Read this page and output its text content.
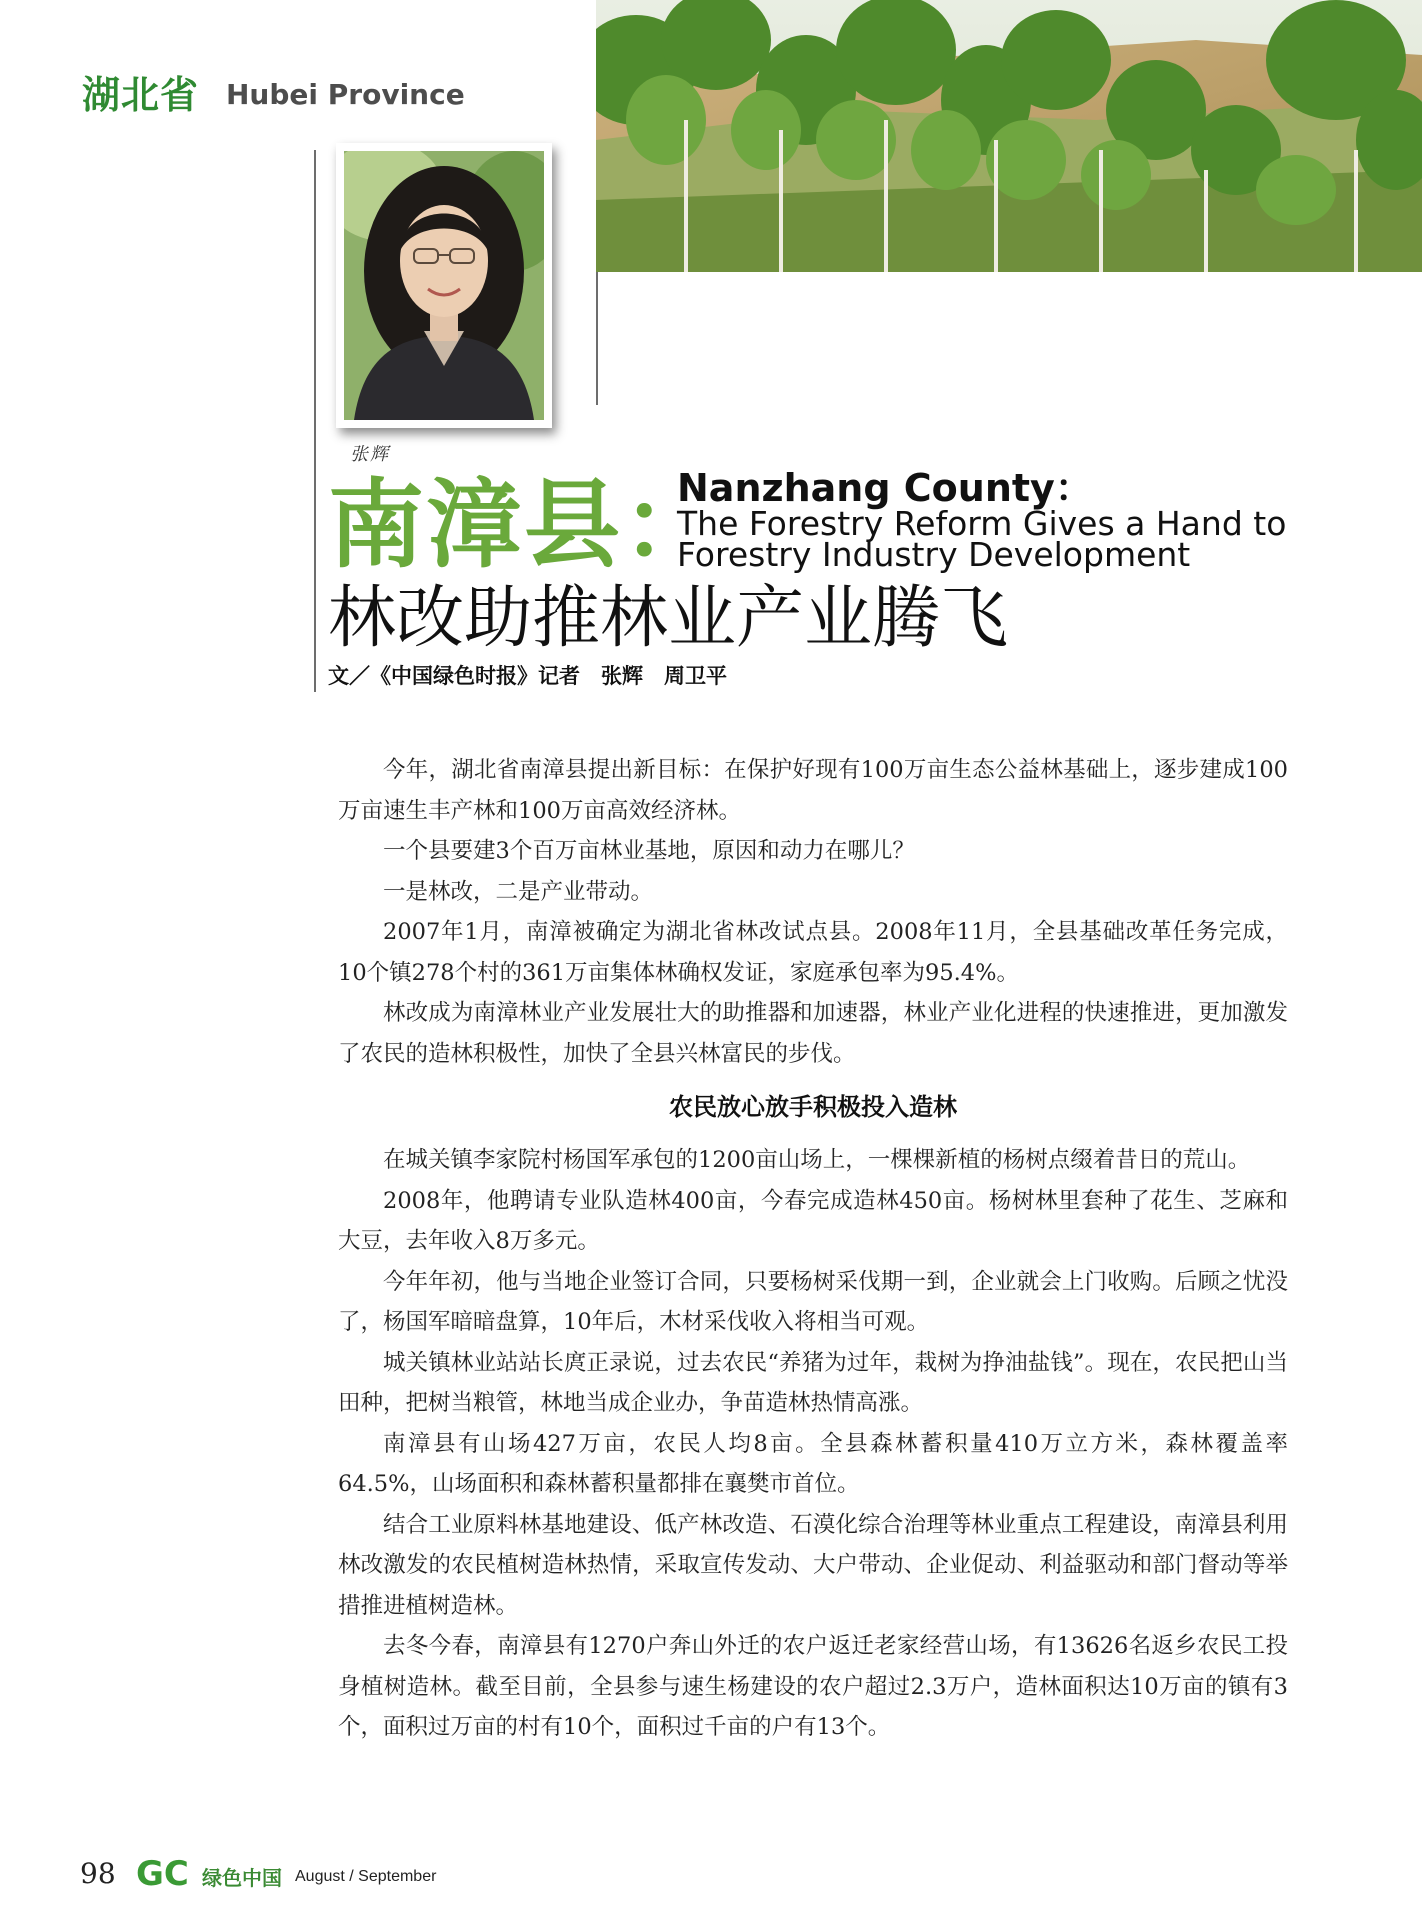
湖北省 Hubei Province
张辉
南漳县：
Nanzhang County：
The Forestry Reform Gives a Hand to
Forestry Industry Development
林改助推林业产业腾飞
文／《中国绿色时报》记者　张辉　周卫平

今年，湖北省南漳县提出新目标：在保护好现有100万亩生态公益林基础上，逐步建成100万亩速生丰产林和100万亩高效经济林。

一个县要建3个百万亩林业基地，原因和动力在哪儿？

一是林改，二是产业带动。

2007年1月，南漳被确定为湖北省林改试点县。2008年11月，全县基础改革任务完成，10个镇278个村的361万亩集体林确权发证，家庭承包率为95.4%。

林改成为南漳林业产业发展壮大的助推器和加速器，林业产业化进程的快速推进，更加激发了农民的造林积极性，加快了全县兴林富民的步伐。

农民放心放手积极投入造林

在城关镇李家院村杨国军承包的1200亩山场上，一棵棵新植的杨树点缀着昔日的荒山。

2008年，他聘请专业队造林400亩，今春完成造林450亩。杨树林里套种了花生、芝麻和大豆，去年收入8万多元。

今年年初，他与当地企业签订合同，只要杨树采伐期一到，企业就会上门收购。后顾之忧没了，杨国军暗暗盘算，10年后，木材采伐收入将相当可观。

城关镇林业站站长庹正录说，过去农民“养猪为过年，栽树为挣油盐钱”。现在，农民把山当田种，把树当粮管，林地当成企业办，争苗造林热情高涨。

南漳县有山场427万亩，农民人均8亩。全县森林蓄积量410万立方米，森林覆盖率64.5%，山场面积和森林蓄积量都排在襄樊市首位。

结合工业原料林基地建设、低产林改造、石漠化综合治理等林业重点工程建设，南漳县利用林改激发的农民植树造林热情，采取宣传发动、大户带动、企业促动、利益驱动和部门督动等举措推进植树造林。

去冬今春，南漳县有1270户奔山外迁的农户返迁老家经营山场，有13626名返乡农民工投身植树造林。截至目前，全县参与速生杨建设的农户超过2.3万户，造林面积达10万亩的镇有3个，面积过万亩的村有10个，面积过千亩的户有13个。

98 GC 绿色中国 August / September
